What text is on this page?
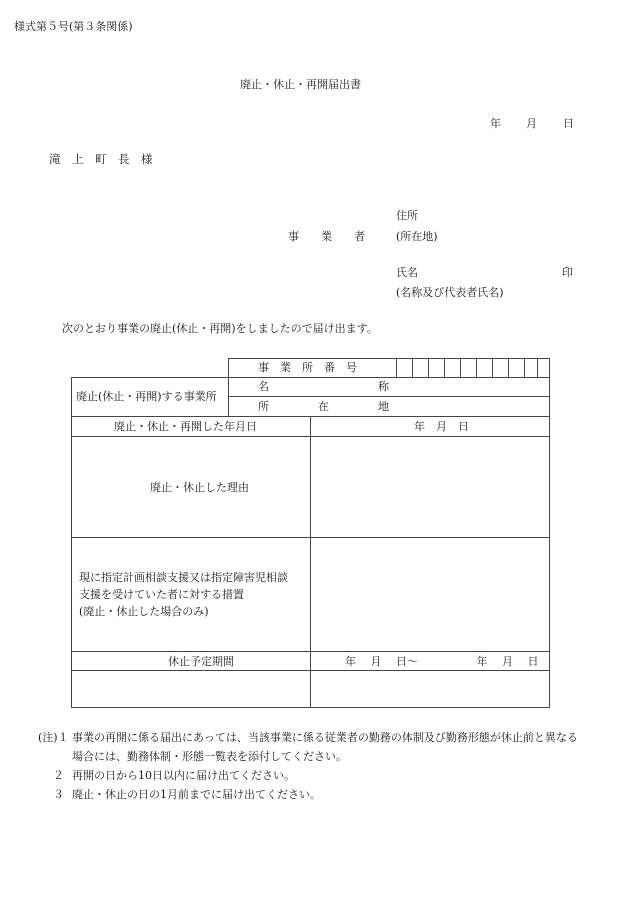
様式第５号(第３条関係)
廃止・休止・再開届出書
年 月 日
滝　上　町　長　様
住所
事　　業　　者	(所在地)
氏名	印
(名称及び代表者氏名)
次のとおり事業の廃止(休止・再開)をしましたので届け出ます。
事　業　所　番　号
廃止(休止・再開)する事業所
名	称
所	在	地
廃止・休止・再開した年月日	年　月　日
廃止・休止した理由
現に指定計画相談支援又は指定障害児相談
支援を受けていた者に対する措置
(廃止・休止した場合のみ)
休止予定期間	年　 月　 日〜　　　　　 年　 月　 日
(注)１ 事業の再開に係る届出にあっては、当該事業に係る従業者の勤務の体制及び勤務形態が休止前と異なる場合には、勤務体制・形態一覧表を添付してください。
２ 再開の日から10日以内に届け出てください。
３ 廃止・休止の日の1月前までに届け出てください。
